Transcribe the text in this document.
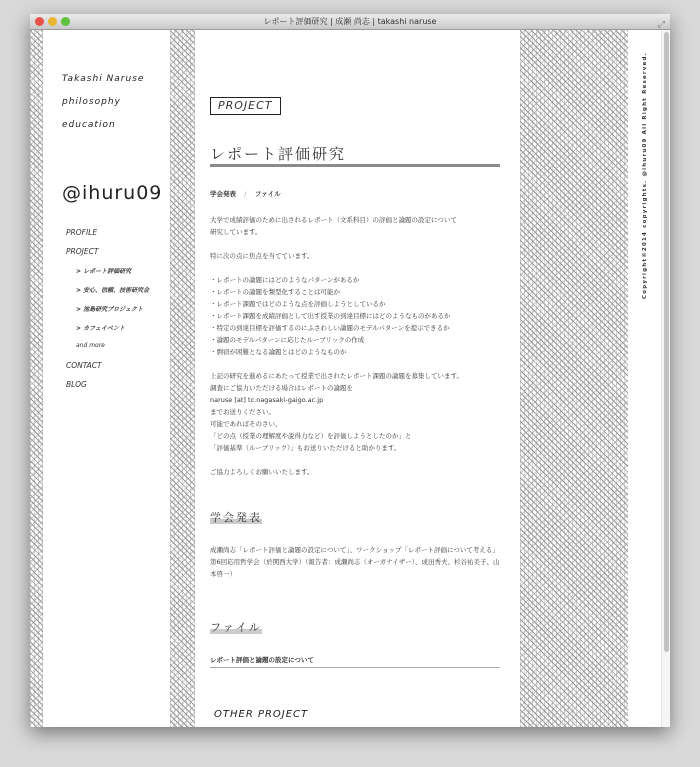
レポート評価研究 | 成瀬 尚志 | takashi naruse	⤢
Takashi Naruse
philosophy
education
@ihuru09
PROFILE
PROJECT
> レポート評価研究
> 安心、信頼、技術研究会
> 池島研究プロジェクト
> カフェイベント
and more
CONTACT
BLOG
PROJECT
レポート評価研究
学会発表 / ファイル

大学で成績評価のために出されるレポート（文系科目）の評価と論題の設定について
研究しています。

特に次の点に焦点を当てています。

・レポートの論題にはどのようなパターンがあるか
・レポートの論題を類型化することは可能か
・レポート課題ではどのような点を評価しようとしているか
・レポート課題を成績評価として出す授業の到達目標にはどのようなものがあるか
・特定の到達目標を評価するのにふさわしい論題のモデルパターンを提示できるか
・論題のモデルパターンに応じたルーブリックの作成
・剽窃が困難となる論題とはどのようなものか

上記の研究を進めるにあたって授業で出されたレポート課題の論題を募集しています。
調査にご協力いただける場合はレポートの論題を
naruse [at] tc.nagasaki-gaigo.ac.jp
までお送りください。
可能であればそのさい、
「どの点（授業の理解度や説得力など）を評価しようとしたのか」と
「評価基準（ルーブリック）」もお送りいただけると助かります。

ご協力よろしくお願いいたします。

学会発表
成瀬尚志「レポート評価と論題の設定について」、ワークショップ「レポート評価について考える」第6回応用哲学会（於関西大学）（報告者：成瀬尚志（オーガナイザー）、成田秀夫、杉谷祐美子、山本啓一）
ファイル
レポート評価と論題の設定について
OTHER PROJECT
Copyright©2014 copyrights. @ihuru09 All Right Reserved.
